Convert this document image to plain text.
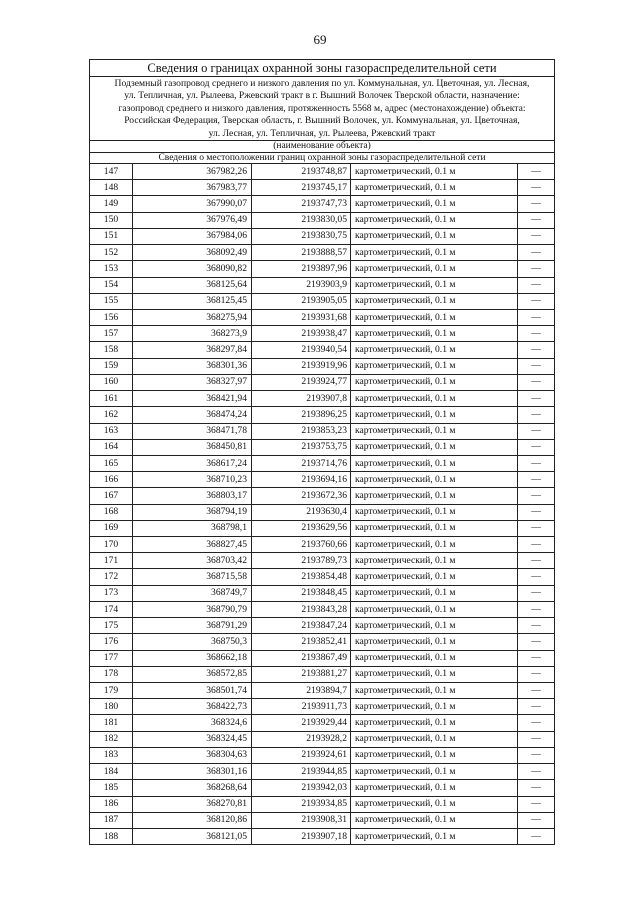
69
Сведения о границах охранной зоны газораспределительной сети
Подземный газопровод среднего и низкого давления по ул. Коммунальная, ул. Цветочная, ул. Лесная,
ул. Тепличная, ул. Рылеева, Ржевский тракт в г. Вышний Волочек Тверской области, назначение:
газопровод среднего и низкого давления, протяженность 5568 м, адрес (местонахождение) объекта:
Российская Федерация, Тверская область, г. Вышний Волочек, ул. Коммунальная, ул. Цветочная,
ул. Лесная, ул. Тепличная, ул. Рылеева, Ржевский тракт
(наименование объекта)
Сведения о местоположении границ охранной зоны газораспределительной сети
147	367982,26	2193748,87	картометрический, 0.1 м	—
148	367983,77	2193745,17	картометрический, 0.1 м	—
149	367990,07	2193747,73	картометрический, 0.1 м	—
150	367976,49	2193830,05	картометрический, 0.1 м	—
151	367984,06	2193830,75	картометрический, 0.1 м	—
152	368092,49	2193888,57	картометрический, 0.1 м	—
153	368090,82	2193897,96	картометрический, 0.1 м	—
154	368125,64	2193903,9	картометрический, 0.1 м	—
155	368125,45	2193905,05	картометрический, 0.1 м	—
156	368275,94	2193931,68	картометрический, 0.1 м	—
157	368273,9	2193938,47	картометрический, 0.1 м	—
158	368297,84	2193940,54	картометрический, 0.1 м	—
159	368301,36	2193919,96	картометрический, 0.1 м	—
160	368327,97	2193924,77	картометрический, 0.1 м	—
161	368421,94	2193907,8	картометрический, 0.1 м	—
162	368474,24	2193896,25	картометрический, 0.1 м	—
163	368471,78	2193853,23	картометрический, 0.1 м	—
164	368450,81	2193753,75	картометрический, 0.1 м	—
165	368617,24	2193714,76	картометрический, 0.1 м	—
166	368710,23	2193694,16	картометрический, 0.1 м	—
167	368803,17	2193672,36	картометрический, 0.1 м	—
168	368794,19	2193630,4	картометрический, 0.1 м	—
169	368798,1	2193629,56	картометрический, 0.1 м	—
170	368827,45	2193760,66	картометрический, 0.1 м	—
171	368703,42	2193789,73	картометрический, 0.1 м	—
172	368715,58	2193854,48	картометрический, 0.1 м	—
173	368749,7	2193848,45	картометрический, 0.1 м	—
174	368790,79	2193843,28	картометрический, 0.1 м	—
175	368791,29	2193847,24	картометрический, 0.1 м	—
176	368750,3	2193852,41	картометрический, 0.1 м	—
177	368662,18	2193867,49	картометрический, 0.1 м	—
178	368572,85	2193881,27	картометрический, 0.1 м	—
179	368501,74	2193894,7	картометрический, 0.1 м	—
180	368422,73	2193911,73	картометрический, 0.1 м	—
181	368324,6	2193929,44	картометрический, 0.1 м	—
182	368324,45	2193928,2	картометрический, 0.1 м	—
183	368304,63	2193924,61	картометрический, 0.1 м	—
184	368301,16	2193944,85	картометрический, 0.1 м	—
185	368268,64	2193942,03	картометрический, 0.1 м	—
186	368270,81	2193934,85	картометрический, 0.1 м	—
187	368120,86	2193908,31	картометрический, 0.1 м	—
188	368121,05	2193907,18	картометрический, 0.1 м	—
